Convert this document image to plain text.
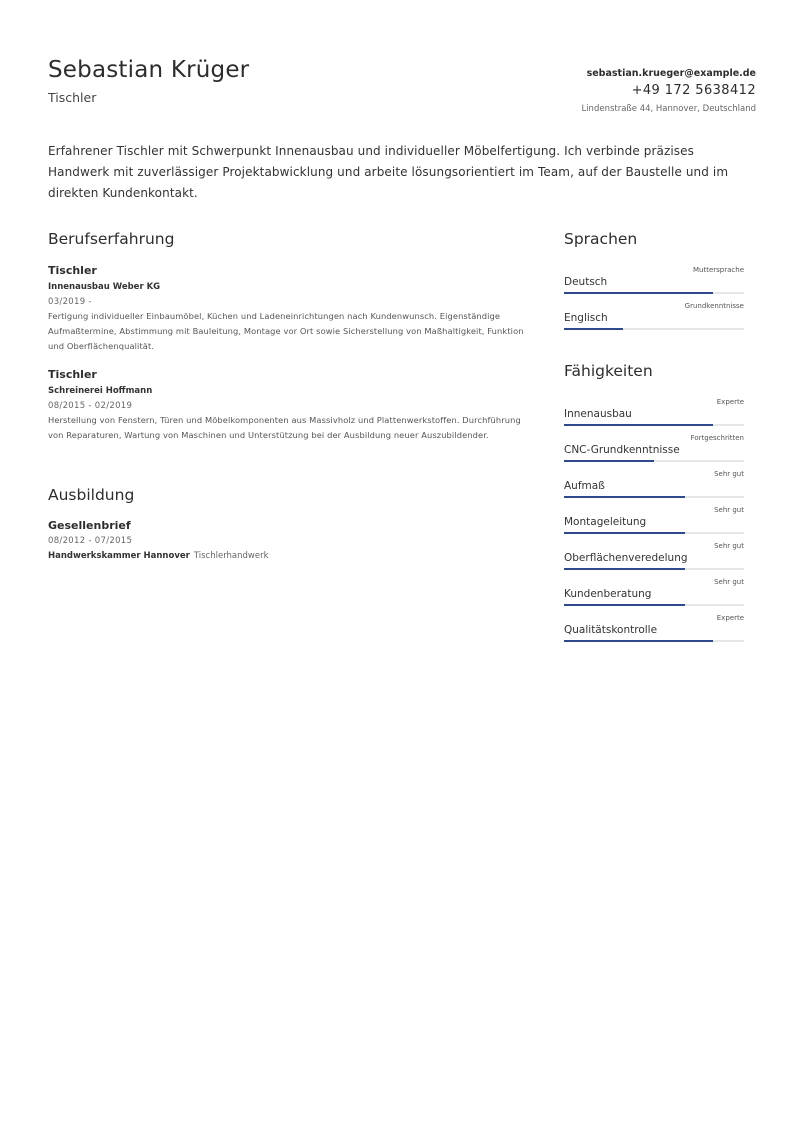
Sebastian Krüger
Tischler
sebastian.krueger@example.de
+49 172 5638412
Lindenstraße 44, Hannover, Deutschland

Erfahrener Tischler mit Schwerpunkt Innenausbau und individueller Möbelfertigung. Ich verbinde präzises Handwerk mit zuverlässiger Projektabwicklung und arbeite lösungsorientiert im Team, auf der Baustelle und im direkten Kundenkontakt.

Berufserfahrung
Tischler
Innenausbau Weber KG
03/2019 -
Fertigung individueller Einbaumöbel, Küchen und Ladeneinrichtungen nach Kundenwunsch. Eigenständige Aufmaßtermine, Abstimmung mit Bauleitung, Montage vor Ort sowie Sicherstellung von Maßhaltigkeit, Funktion und Oberflächenqualität.
Tischler
Schreinerei Hoffmann
08/2015 - 02/2019
Herstellung von Fenstern, Türen und Möbelkomponenten aus Massivholz und Plattenwerkstoffen. Durchführung von Reparaturen, Wartung von Maschinen und Unterstützung bei der Ausbildung neuer Auszubildender.
Ausbildung
Gesellenbrief
08/2012 - 07/2015
Handwerkskammer Hannover Tischlerhandwerk
Sprachen
Deutsch
Muttersprache
Englisch
Grundkenntnisse
Fähigkeiten
Innenausbau
Experte
CNC-Grundkenntnisse
Fortgeschritten
Aufmaß
Sehr gut
Montageleitung
Sehr gut
Oberflächenveredelung
Sehr gut
Kundenberatung
Sehr gut
Qualitätskontrolle
Experte
